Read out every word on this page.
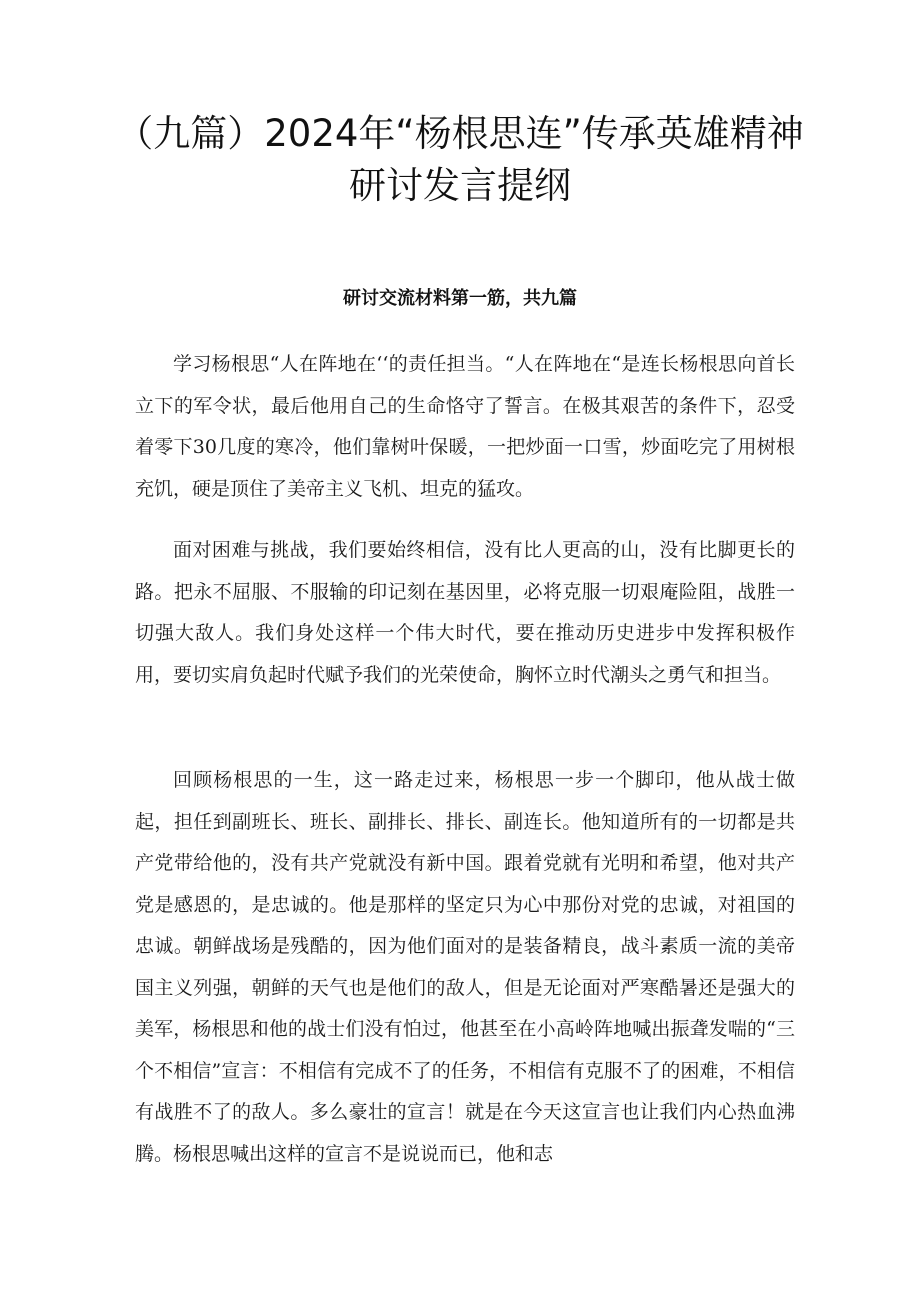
（九篇）2024年“杨根思连”传承英雄精神研讨发言提纲
研讨交流材料第一筋，共九篇

学习杨根思“人在阵地在‘‘的责任担当。“人在阵地在“是连长杨根思向首长立下的军令状，最后他用自己的生命恪守了誓言。在极其艰苦的条件下，忍受着零下30几度的寒冷，他们靠树叶保暖，一把炒面一口雪，炒面吃完了用树根充饥，硬是顶住了美帝主义飞机、坦克的猛攻。

面对困难与挑战，我们要始终相信，没有比人更高的山，没有比脚更长的路。把永不屈服、不服输的印记刻在基因里，必将克服一切艰庵险阻，战胜一切强大敌人。我们身处这样一个伟大时代，要在推动历史进步中发挥积极作用，要切实肩负起时代赋予我们的光荣使命，胸怀立时代潮头之勇气和担当。

回顾杨根思的一生，这一路走过来，杨根思一步一个脚印，他从战士做起，担任到副班长、班长、副排长、排长、副连长。他知道所有的一切都是共产党带给他的，没有共产党就没有新中国。跟着党就有光明和希望，他对共产党是感恩的，是忠诚的。他是那样的坚定只为心中那份对党的忠诚，对祖国的忠诚。朝鲜战场是残酷的，因为他们面对的是装备精良，战斗素质一流的美帝国主义列强，朝鲜的天气也是他们的敌人，但是无论面对严寒酷暑还是强大的美军，杨根思和他的战士们没有怕过，他甚至在小高岭阵地喊出振聋发喘的“三个不相信”宣言：不相信有完成不了的任务，不相信有克服不了的困难，不相信有战胜不了的敌人。多么豪壮的宣言！就是在今天这宣言也让我们内心热血沸腾。杨根思喊出这样的宣言不是说说而已，他和志
